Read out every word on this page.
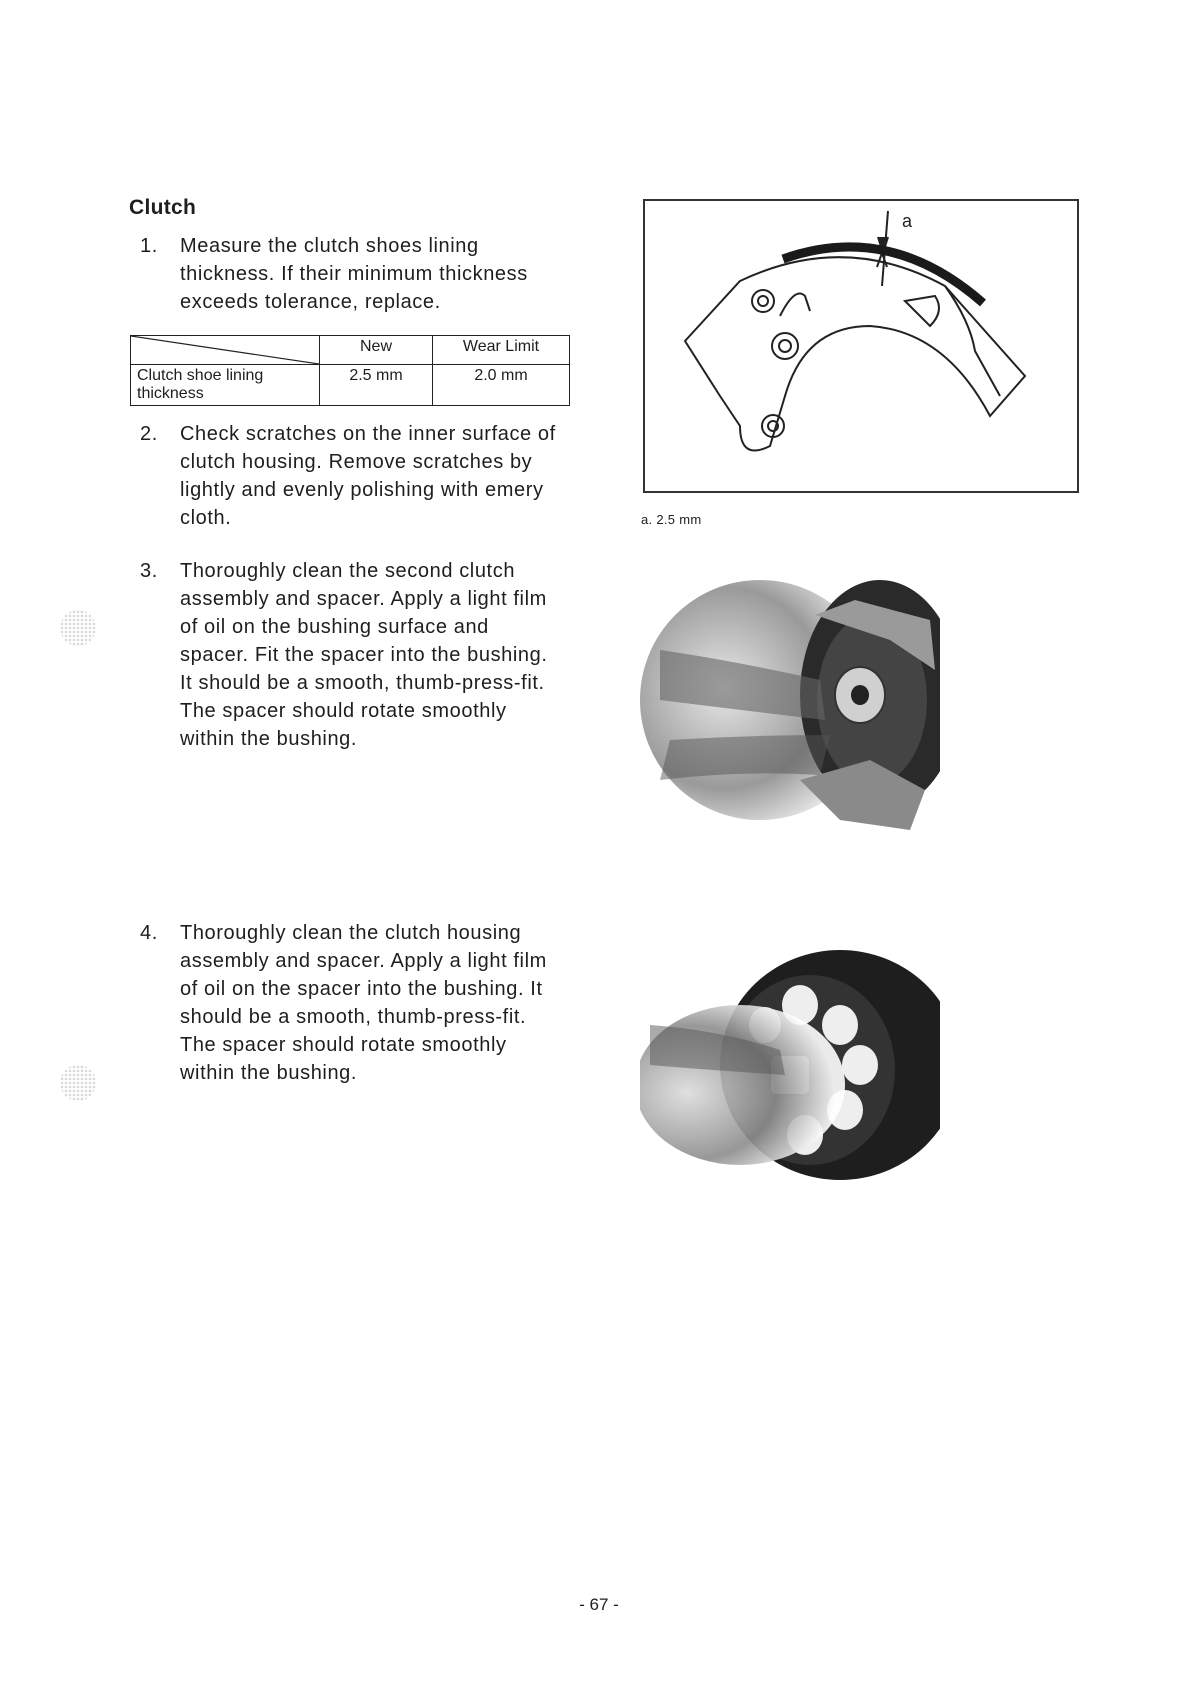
Clutch
1. Measure the clutch shoes lining
thickness. If their minimum thickness
exceeds tolerance, replace.
	New	Wear Limit
Clutch shoe lining thickness	2.5 mm	2.0 mm
2. Check scratches on the inner surface of
clutch housing. Remove scratches by
lightly and evenly polishing with emery
cloth.
3. Thoroughly clean the second clutch
assembly and spacer. Apply a light film
of oil on the bushing surface and
spacer. Fit the spacer into the bushing.
It should be a smooth, thumb-press-fit.
The spacer should rotate smoothly
within the bushing.
4. Thoroughly clean the clutch housing
assembly and spacer. Apply a light film
of oil on the spacer into the bushing. It
should be a smooth, thumb-press-fit.
The spacer should rotate smoothly
within the bushing.
a
a. 2.5 mm
- 67 -
